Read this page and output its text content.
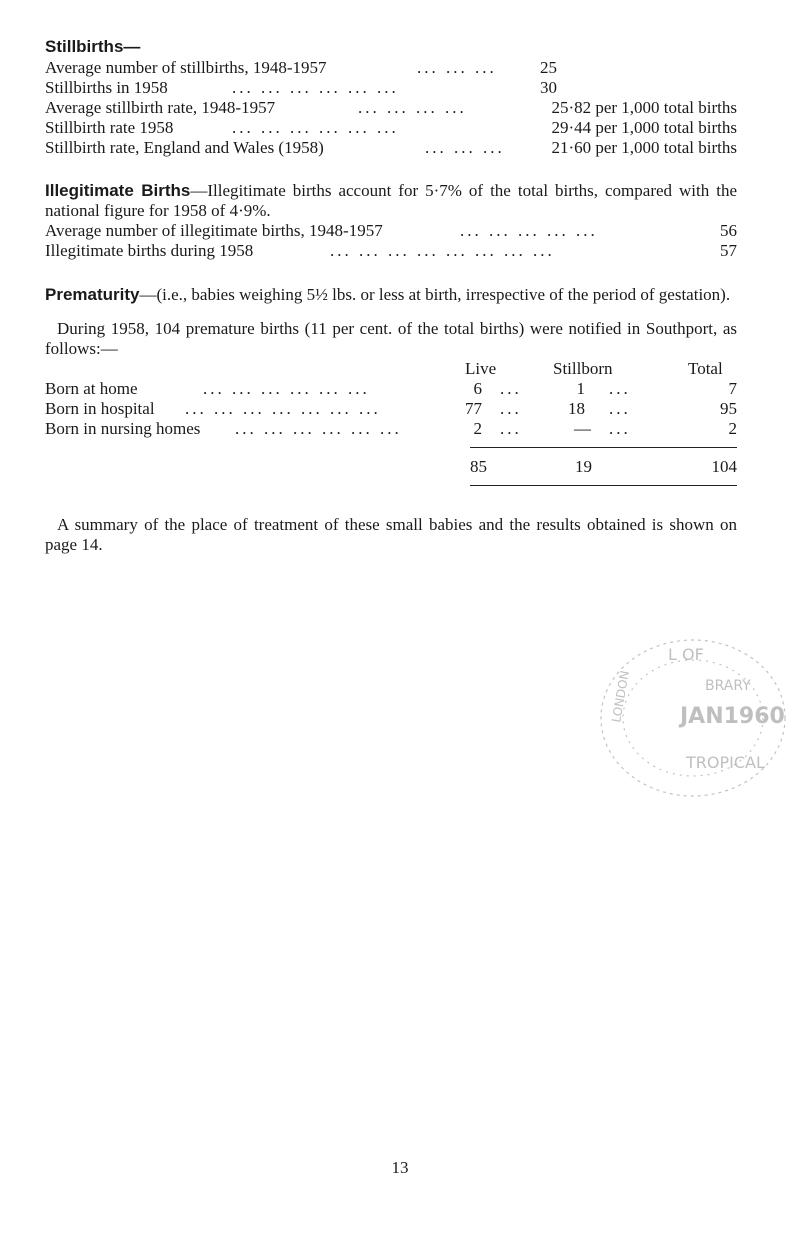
Stillbirths—
Average number of stillbirths, 1948-1957	... ... ...	25
Stillbirths in 1958	... ... ... ... ... ...	30
Average stillbirth rate, 1948-1957	... ... ... ...	25·82 per 1,000 total births
Stillbirth rate 1958	... ... ... ... ... ...	29·44 per 1,000 total births
Stillbirth rate, England and Wales (1958)	... ... ...	21·60 per 1,000 total births
Illegitimate Births—Illegitimate births account for 5·7% of the total births, compared with the national figure for 1958 of 4·9%.
Average number of illegitimate births, 1948-1957	... ... ... ... ...	56
Illegitimate births during 1958	... ... ... ... ... ... ... ...	57
Prematurity—(i.e., babies weighing 5½ lbs. or less at birth, irrespective of the period of gestation).
During 1958, 104 premature births (11 per cent. of the total births) were notified in Southport, as follows:—
Live	Stillborn	Total
Born at home	... ... ... ... ... ...	6 ...	1 ...	7
Born in hospital ... ... ... ... ... ... ...	77 ...	18 ...	95
Born in nursing homes ... ... ... ... ... ...	2 ...	— ...	2
85	19	104
A summary of the place of treatment of these small babies and the results obtained is shown on page 14.
L OF
BRARY
JAN1960
TROPICAL
LONDON
13
